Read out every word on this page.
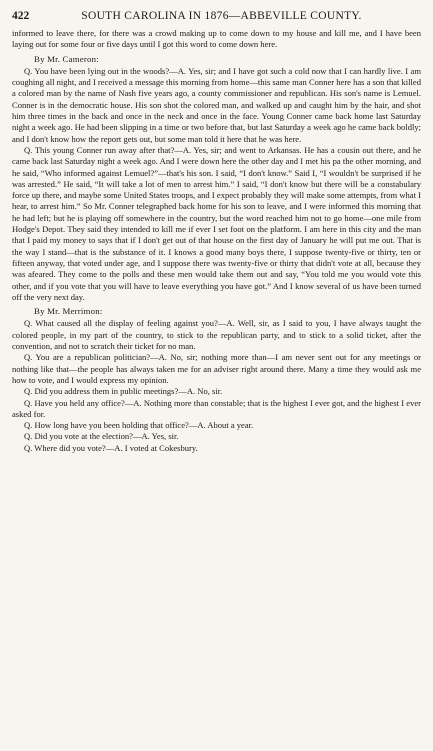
422	SOUTH CAROLINA IN 1876—ABBEVILLE COUNTY.

informed to leave there, for there was a crowd making up to come down to my house and kill me, and I have been laying out for some four or five days until I got this word to come down here.

By Mr. Cameron:

Q. You have been lying out in the woods?—A. Yes, sir; and I have got such a cold now that I can hardly live. I am coughing all night, and I received a message this morning from home—this same man Conner here has a son that killed a colored man by the name of Nash five years ago, a county commissioner and republican. His son's name is Lemuel. Conner is in the democratic house. His son shot the colored man, and walked up and caught him by the hair, and shot him three times in the back and once in the neck and once in the face. Young Conner came back home last Saturday night a week ago. He had been slipping in a time or two before that, but last Saturday a week ago he came back boldly; and I don't know how the report gets out, but some man told it here that he was here.

Q. This young Conner run away after that?—A. Yes, sir; and went to Arkansas. He has a cousin out there, and he came back last Saturday night a week ago. And I were down here the other day and I met his pa the other morning, and he said, “Who informed against Lemuel?”—that's his son. I said, “I don't know.” Said I, “I wouldn't be surprised if he was arrested.” He said, “It will take a lot of men to arrest him.” I said, “I don't know but there will be a constabulary force up there, and maybe some United States troops, and I expect probably they will make some attempts, from what I hear, to arrest him.” So Mr. Conner telegraphed back home for his son to leave, and I were informed this morning that he had left; but he is playing off somewhere in the country, but the word reached him not to go home—one mile from Hodge's Depot. They said they intended to kill me if ever I set foot on the platform. I am here in this city and the man that I paid my money to says that if I don't get out of that house on the first day of January he will put me out. That is the way I stand—that is the substance of it. I knows a good many boys there, I suppose twenty-five or thirty, ten or fifteen anyway, that voted under age, and I suppose there was twenty-five or thirty that didn't vote at all, because they was afeared. They come to the polls and these men would take them out and say, “You told me you would vote this other, and if you vote that you will have to leave everything you have got.” And I know several of us have been turned off the very next day.

By Mr. Merrimon:

Q. What caused all the display of feeling against you?—A. Well, sir, as I said to you, I have always taught the colored people, in my part of the country, to stick to the republican party, and to stick to a solid ticket, after the convention, and not to scratch their ticket for no man.

Q. You are a republican politician?—A. No, sir; nothing more than—I am never sent out for any meetings or nothing like that—the people has always taken me for an adviser right around there. Many a time they would ask me how to vote, and I would express my opinion.

Q. Did you address them in public meetings?—A. No, sir.

Q. Have you held any office?—A. Nothing more than constable; that is the highest I ever got, and the highest I ever asked for.

Q. How long have you been holding that office?—A. About a year.

Q. Did you vote at the election?—A. Yes, sir.

Q. Where did you vote?—A. I voted at Cokesbury.
